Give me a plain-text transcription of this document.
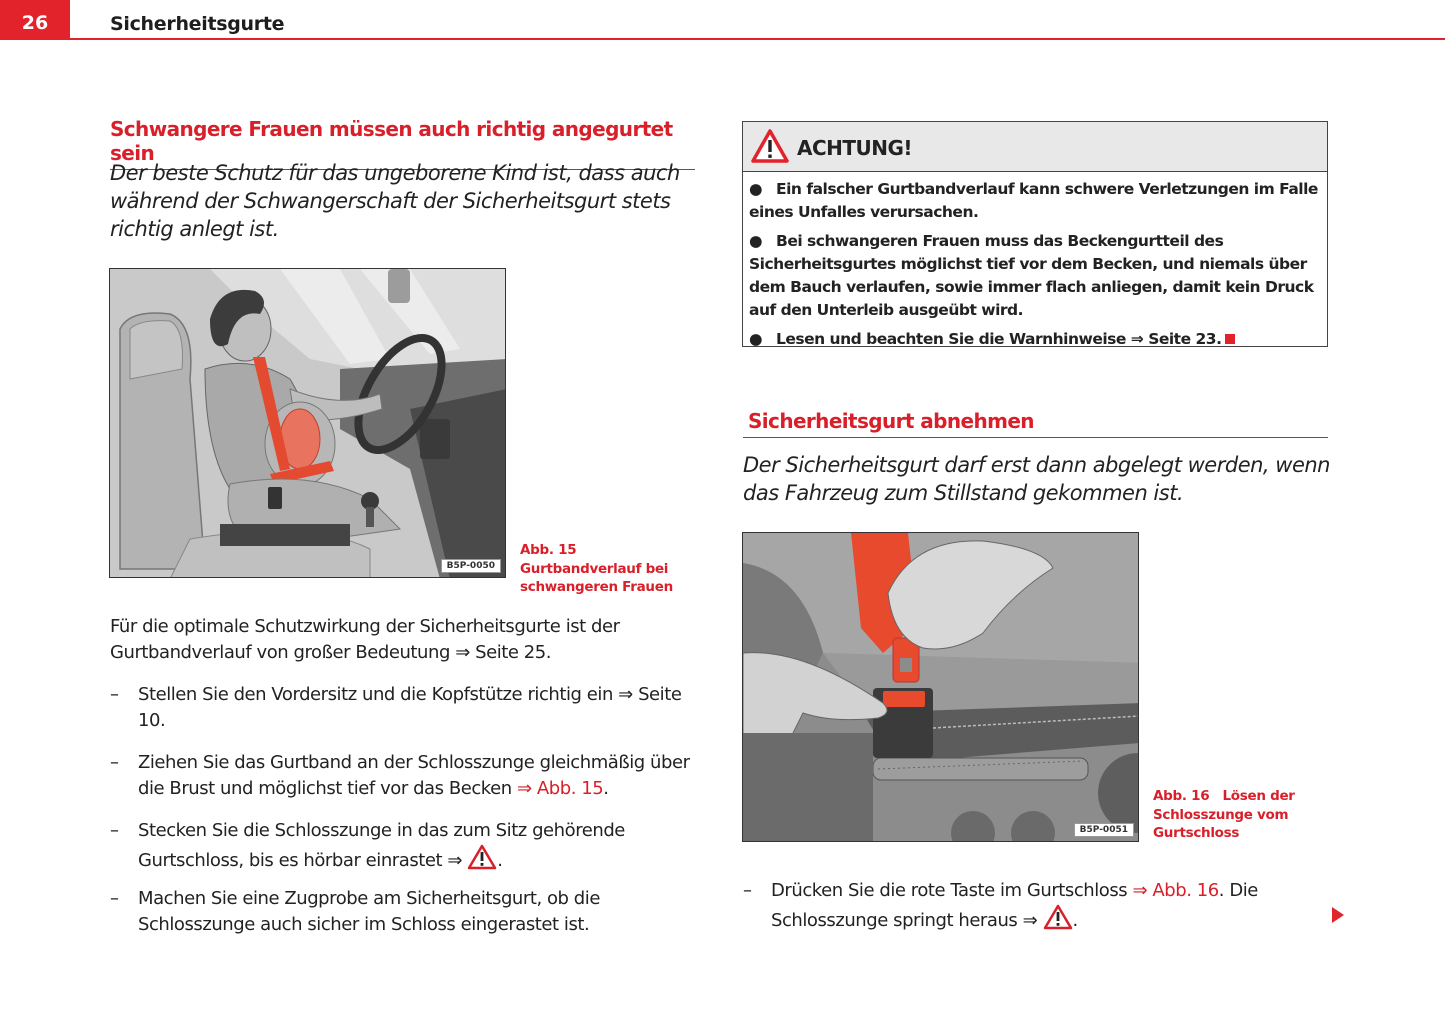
26	Sicherheitsgurte
Schwangere Frauen müssen auch richtig angegurtet sein
Der beste Schutz für das ungeborene Kind ist, dass auch während der Schwangerschaft der Sicherheitsgurt stets richtig anlegt ist.
B5P-0050
Abb. 15   Gurtbandverlauf bei schwangeren Frauen
Für die optimale Schutzwirkung der Sicherheitsgurte ist der Gurtbandverlauf von großer Bedeutung ⇒ Seite 25.
– Stellen Sie den Vordersitz und die Kopfstütze richtig ein ⇒ Seite 10.
– Ziehen Sie das Gurtband an der Schlosszunge gleichmäßig über die Brust und möglichst tief vor das Becken ⇒ Abb. 15.
– Stecken Sie die Schlosszunge in das zum Sitz gehörende Gurtschloss, bis es hörbar einrastet ⇒ .
– Machen Sie eine Zugprobe am Sicherheitsgurt, ob die Schlosszunge auch sicher im Schloss eingerastet ist.
ACHTUNG!
● Ein falscher Gurtbandverlauf kann schwere Verletzungen im Falle eines Unfalles verursachen.
● Bei schwangeren Frauen muss das Beckengurtteil des Sicherheitsgurtes möglichst tief vor dem Becken, und niemals über dem Bauch verlaufen, sowie immer flach anliegen, damit kein Druck auf den Unterleib ausgeübt wird.
● Lesen und beachten Sie die Warnhinweise ⇒ Seite 23.
Sicherheitsgurt abnehmen
Der Sicherheitsgurt darf erst dann abgelegt werden, wenn das Fahrzeug zum Stillstand gekommen ist.
B5P-0051
Abb. 16 Lösen der Schlosszunge vom Gurtschloss
– Drücken Sie die rote Taste im Gurtschloss ⇒ Abb. 16. Die Schlosszunge springt heraus ⇒ .
